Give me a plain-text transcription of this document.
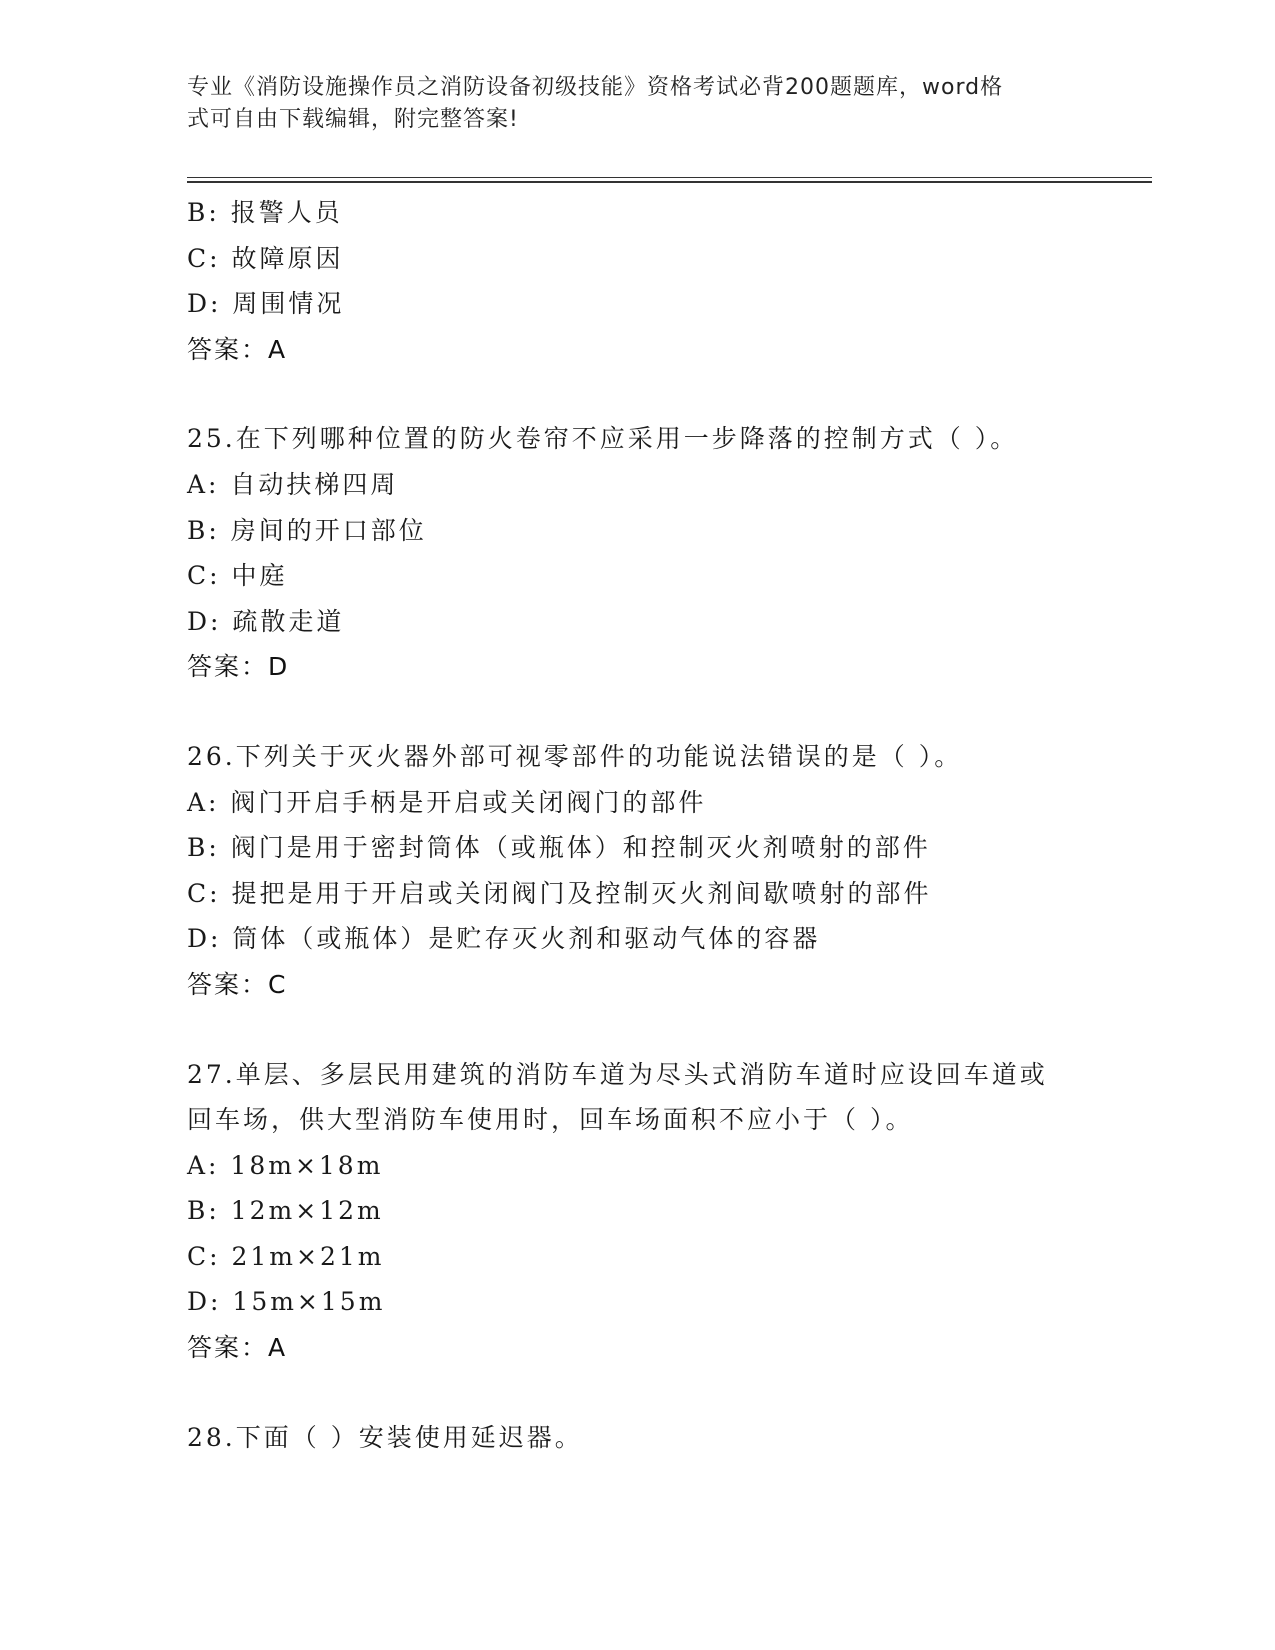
专业《消防设施操作员之消防设备初级技能》资格考试必背200题题库，word格
式可自由下载编辑，附完整答案!
B: 报警人员
C: 故障原因
D: 周围情况
答案：A
25.在下列哪种位置的防火卷帘不应采用一步降落的控制方式（ ）。
A: 自动扶梯四周
B: 房间的开口部位
C: 中庭
D: 疏散走道
答案：D
26.下列关于灭火器外部可视零部件的功能说法错误的是（ ）。
A: 阀门开启手柄是开启或关闭阀门的部件
B: 阀门是用于密封筒体（或瓶体）和控制灭火剂喷射的部件
C: 提把是用于开启或关闭阀门及控制灭火剂间歇喷射的部件
D: 筒体（或瓶体）是贮存灭火剂和驱动气体的容器
答案：C
27.单层、多层民用建筑的消防车道为尽头式消防车道时应设回车道或
回车场，供大型消防车使用时，回车场面积不应小于（ ）。
A: 18m×18m
B: 12m×12m
C: 21m×21m
D: 15m×15m
答案：A
28.下面（ ）安装使用延迟器。
